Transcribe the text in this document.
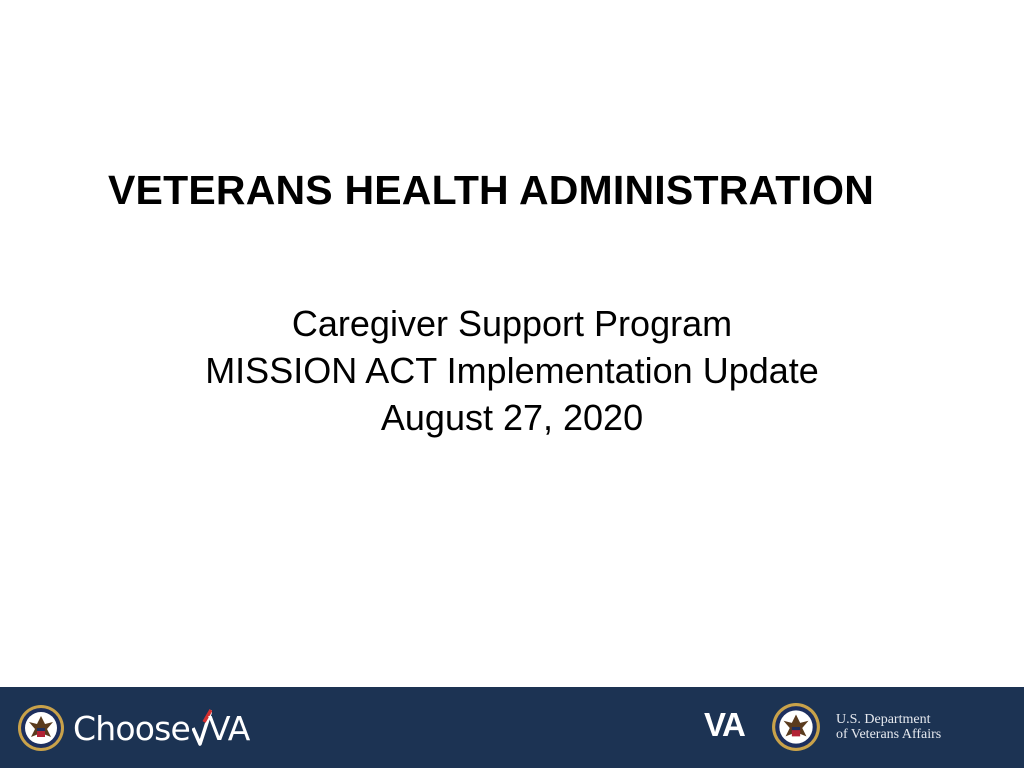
VETERANS HEALTH ADMINISTRATION
Caregiver Support Program
MISSION ACT Implementation Update
August 27, 2020
Choose VA	VA	U.S. Department
of Veterans Affairs
